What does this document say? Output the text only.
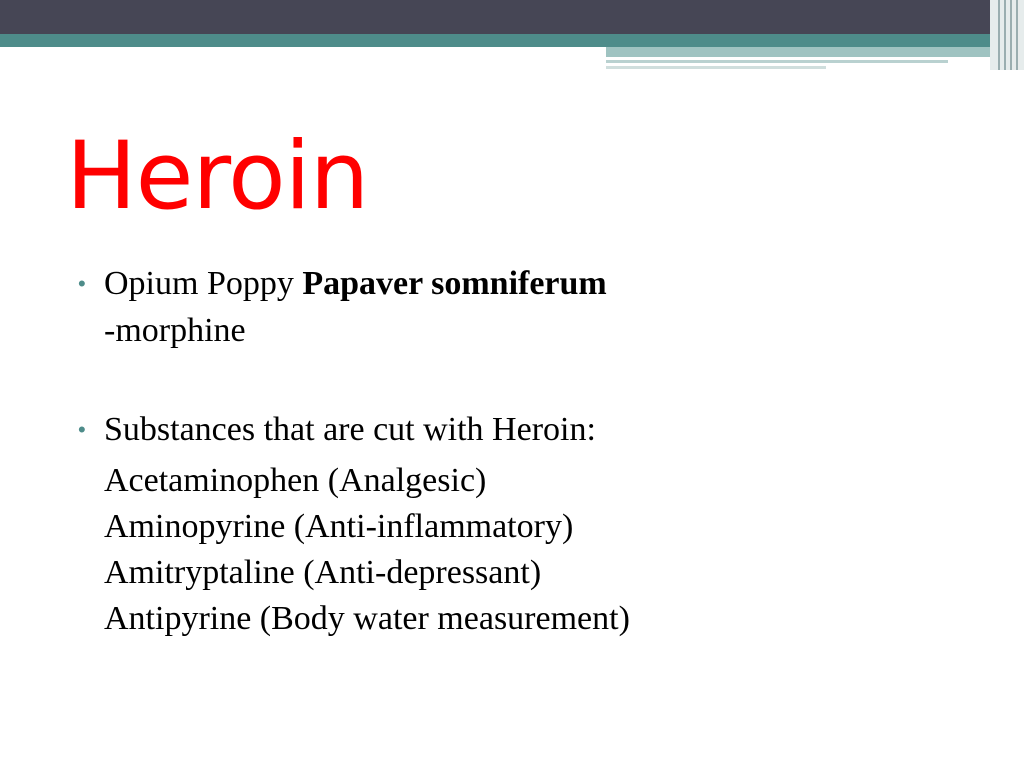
Heroin
• Opium Poppy Papaver somniferum
-morphine
• Substances that are cut with Heroin:
Acetaminophen (Analgesic)
Aminopyrine (Anti-inflammatory)
Amitryptaline (Anti-depressant)
Antipyrine (Body water measurement)
